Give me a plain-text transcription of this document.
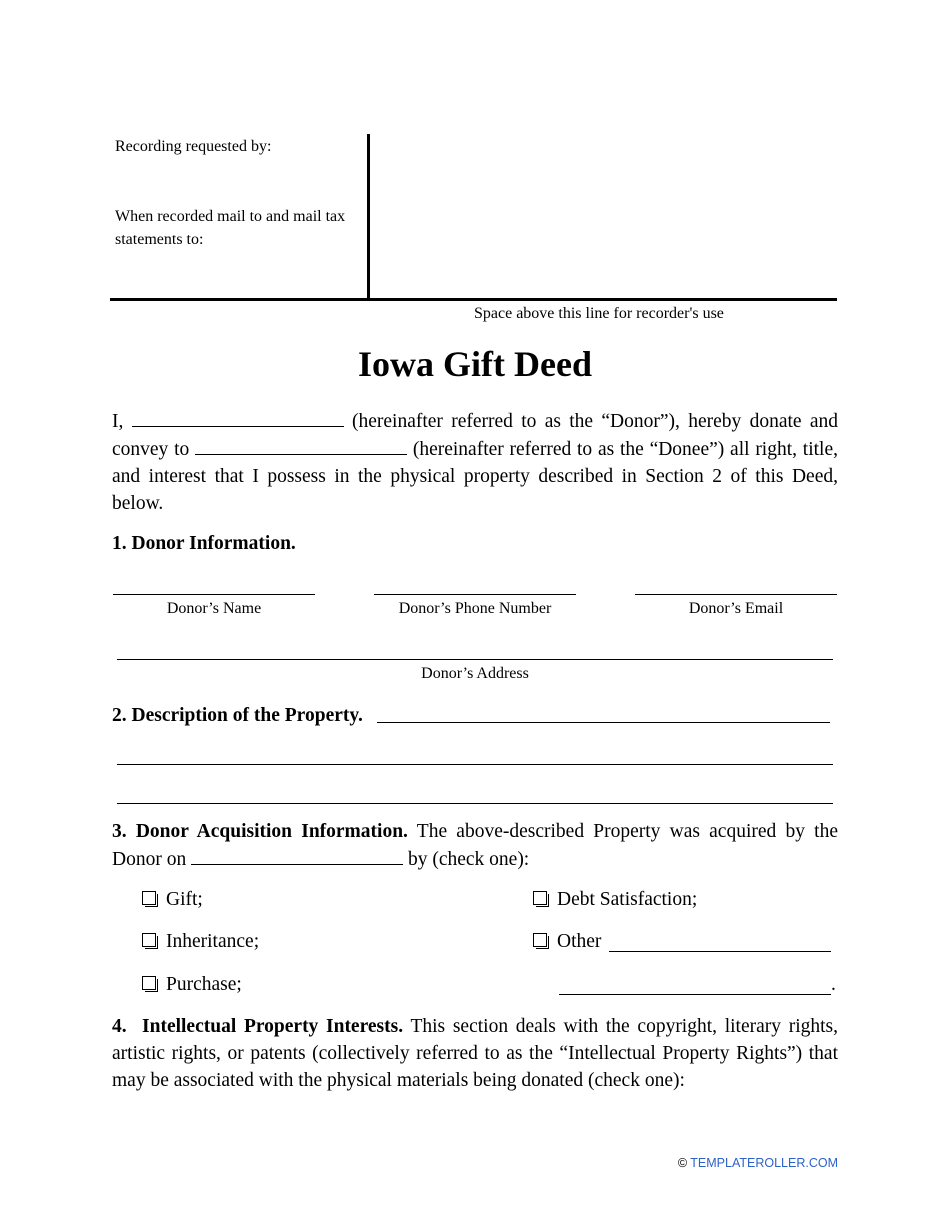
Recording requested by:
When recorded mail to and mail tax statements to:
Space above this line for recorder's use
Iowa Gift Deed
I,	(hereinafter referred to as the “Donor”), hereby donate and convey to	(hereinafter referred to as the “Donee”) all right, title, and interest that I possess in the physical property described in Section 2 of this Deed, below.
1. Donor Information.
Donor’s Name	Donor’s Phone Number	Donor’s Email
Donor’s Address
2. Description of the Property.
3. Donor Acquisition Information. The above-described Property was acquired by the Donor on	by (check one):
Gift;
Inheritance;
Purchase;
Debt Satisfaction;
Other
.
4.  Intellectual Property Interests. This section deals with the copyright, literary rights, artistic rights, or patents (collectively referred to as the “Intellectual Property Rights”) that may be associated with the physical materials being donated (check one):
© TEMPLATEROLLER.COM
